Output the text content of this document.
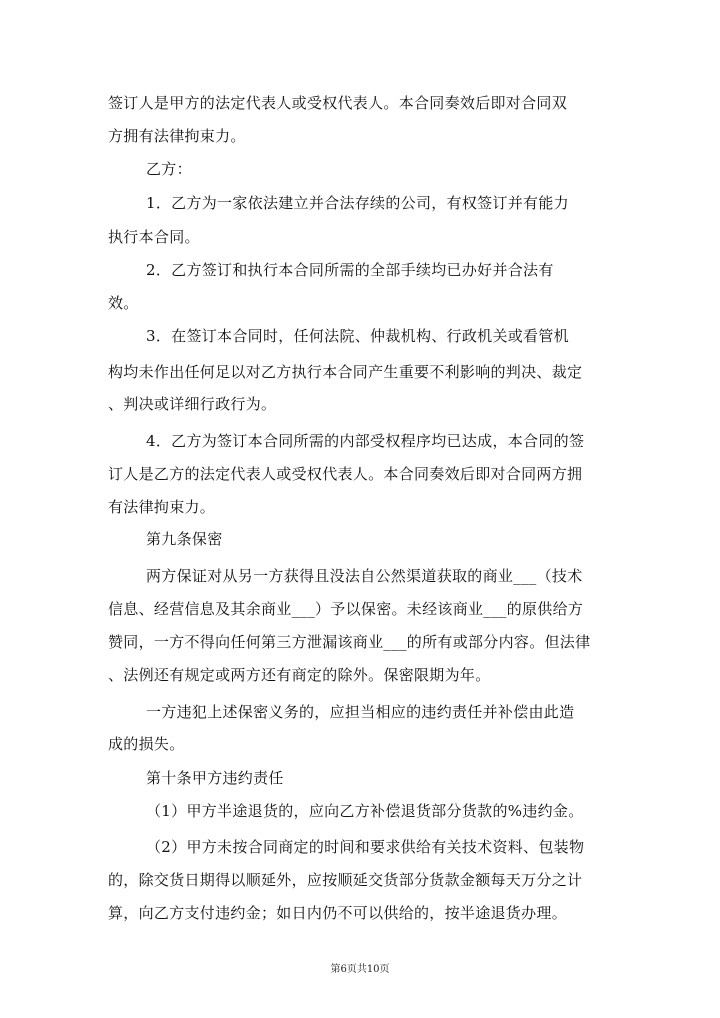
签订人是甲方的法定代表人或受权代表人。本合同奏效后即对合同双
方拥有法律拘束力。
乙方：
1．乙方为一家依法建立并合法存续的公司，有权签订并有能力
执行本合同。
2．乙方签订和执行本合同所需的全部手续均已办好并合法有
效。
3．在签订本合同时，任何法院、仲裁机构、行政机关或看管机
构均未作出任何足以对乙方执行本合同产生重要不利影响的判决、裁定
、判决或详细行政行为。
4．乙方为签订本合同所需的内部受权程序均已达成，本合同的签
订人是乙方的法定代表人或受权代表人。本合同奏效后即对合同两方拥
有法律拘束力。
第九条保密
两方保证对从另一方获得且没法自公然渠道获取的商业___（技术
信息、经营信息及其余商业___）予以保密。未经该商业___的原供给方
赞同，一方不得向任何第三方泄漏该商业___的所有或部分内容。但法律
、法例还有规定或两方还有商定的除外。保密限期为年。
一方违犯上述保密义务的，应担当相应的违约责任并补偿由此造
成的损失。
第十条甲方违约责任
（1）甲方半途退货的，应向乙方补偿退货部分货款的%违约金。
（2）甲方未按合同商定的时间和要求供给有关技术资料、包装物
的，除交货日期得以顺延外，应按顺延交货部分货款金额每天万分之计
算，向乙方支付违约金；如日内仍不可以供给的，按半途退货办理。
第6页共10页
